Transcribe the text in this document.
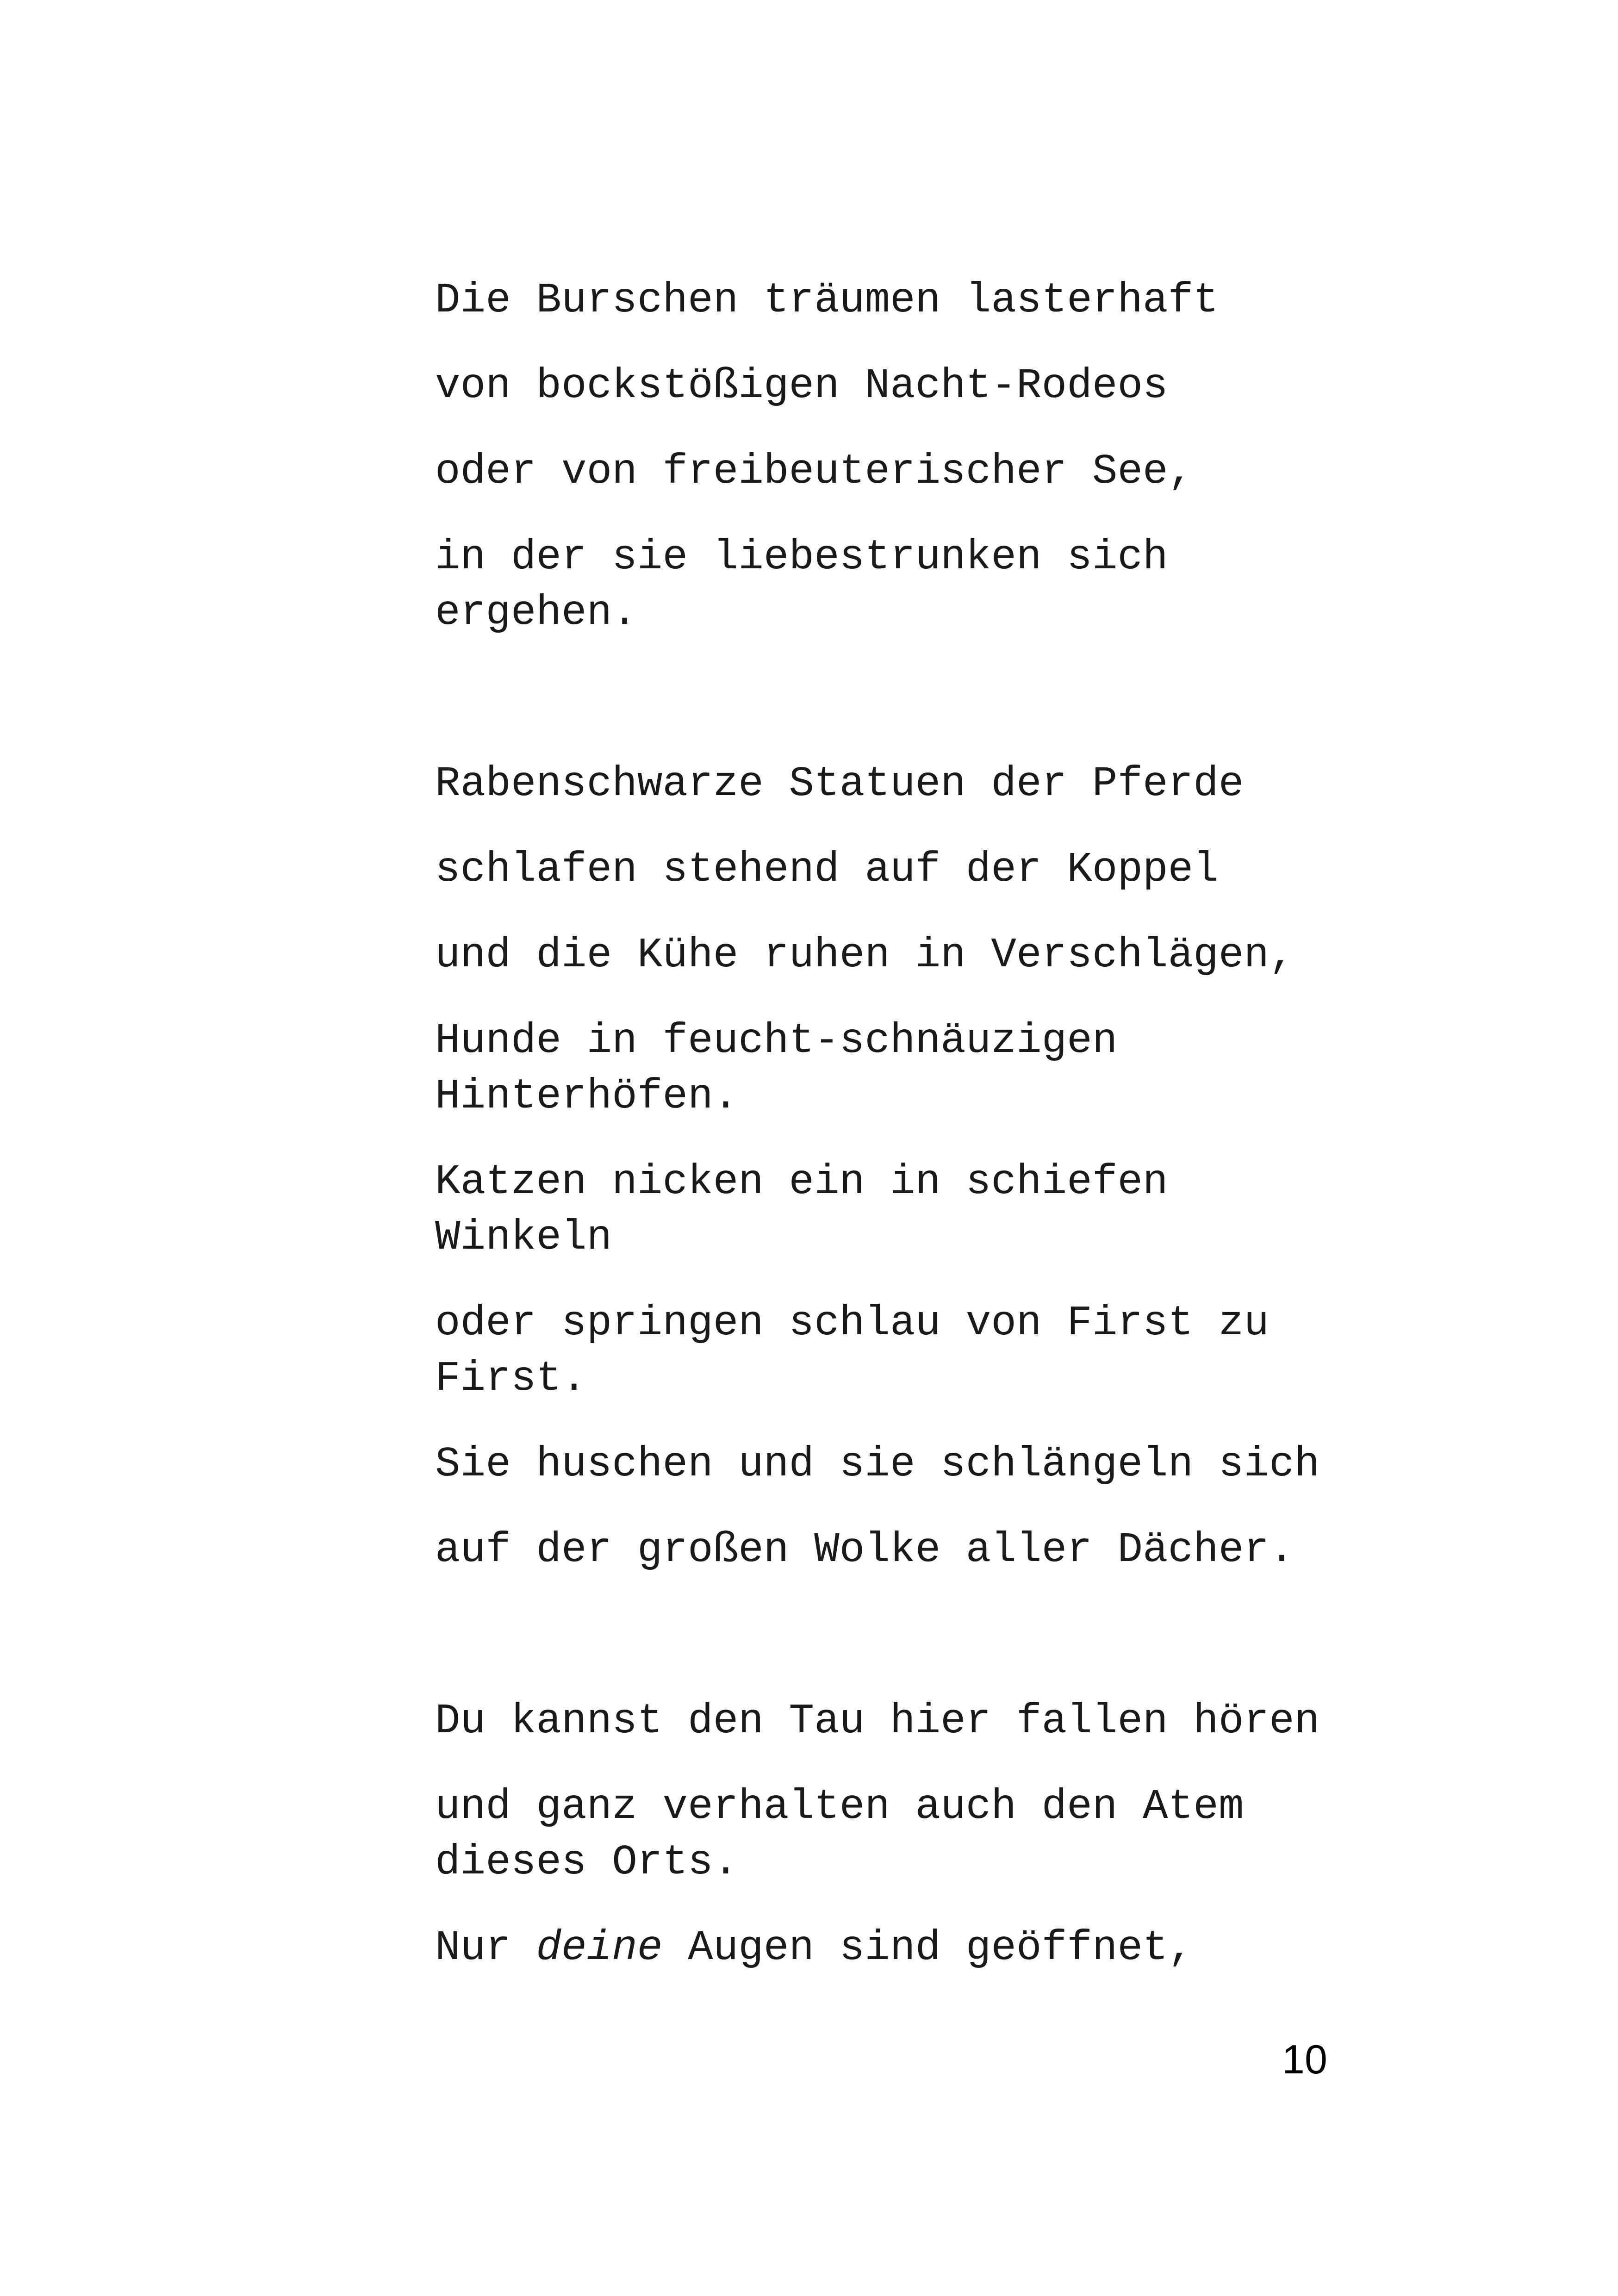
Die Burschen träumen lasterhaft

von bockstößigen Nacht-Rodeos

oder von freibeuterischer See,

in der sie liebestrunken sich

ergehen.

Rabenschwarze Statuen der Pferde

schlafen stehend auf der Koppel

und die Kühe ruhen in Verschlägen,

Hunde in feucht-schnäuzigen

Hinterhöfen.

Katzen nicken ein in schiefen

Winkeln

oder springen schlau von First zu

First.

Sie huschen und sie schlängeln sich

auf der großen Wolke aller Dächer.

Du kannst den Tau hier fallen hören

und ganz verhalten auch den Atem

dieses Orts.

Nur deine Augen sind geöffnet,

10
